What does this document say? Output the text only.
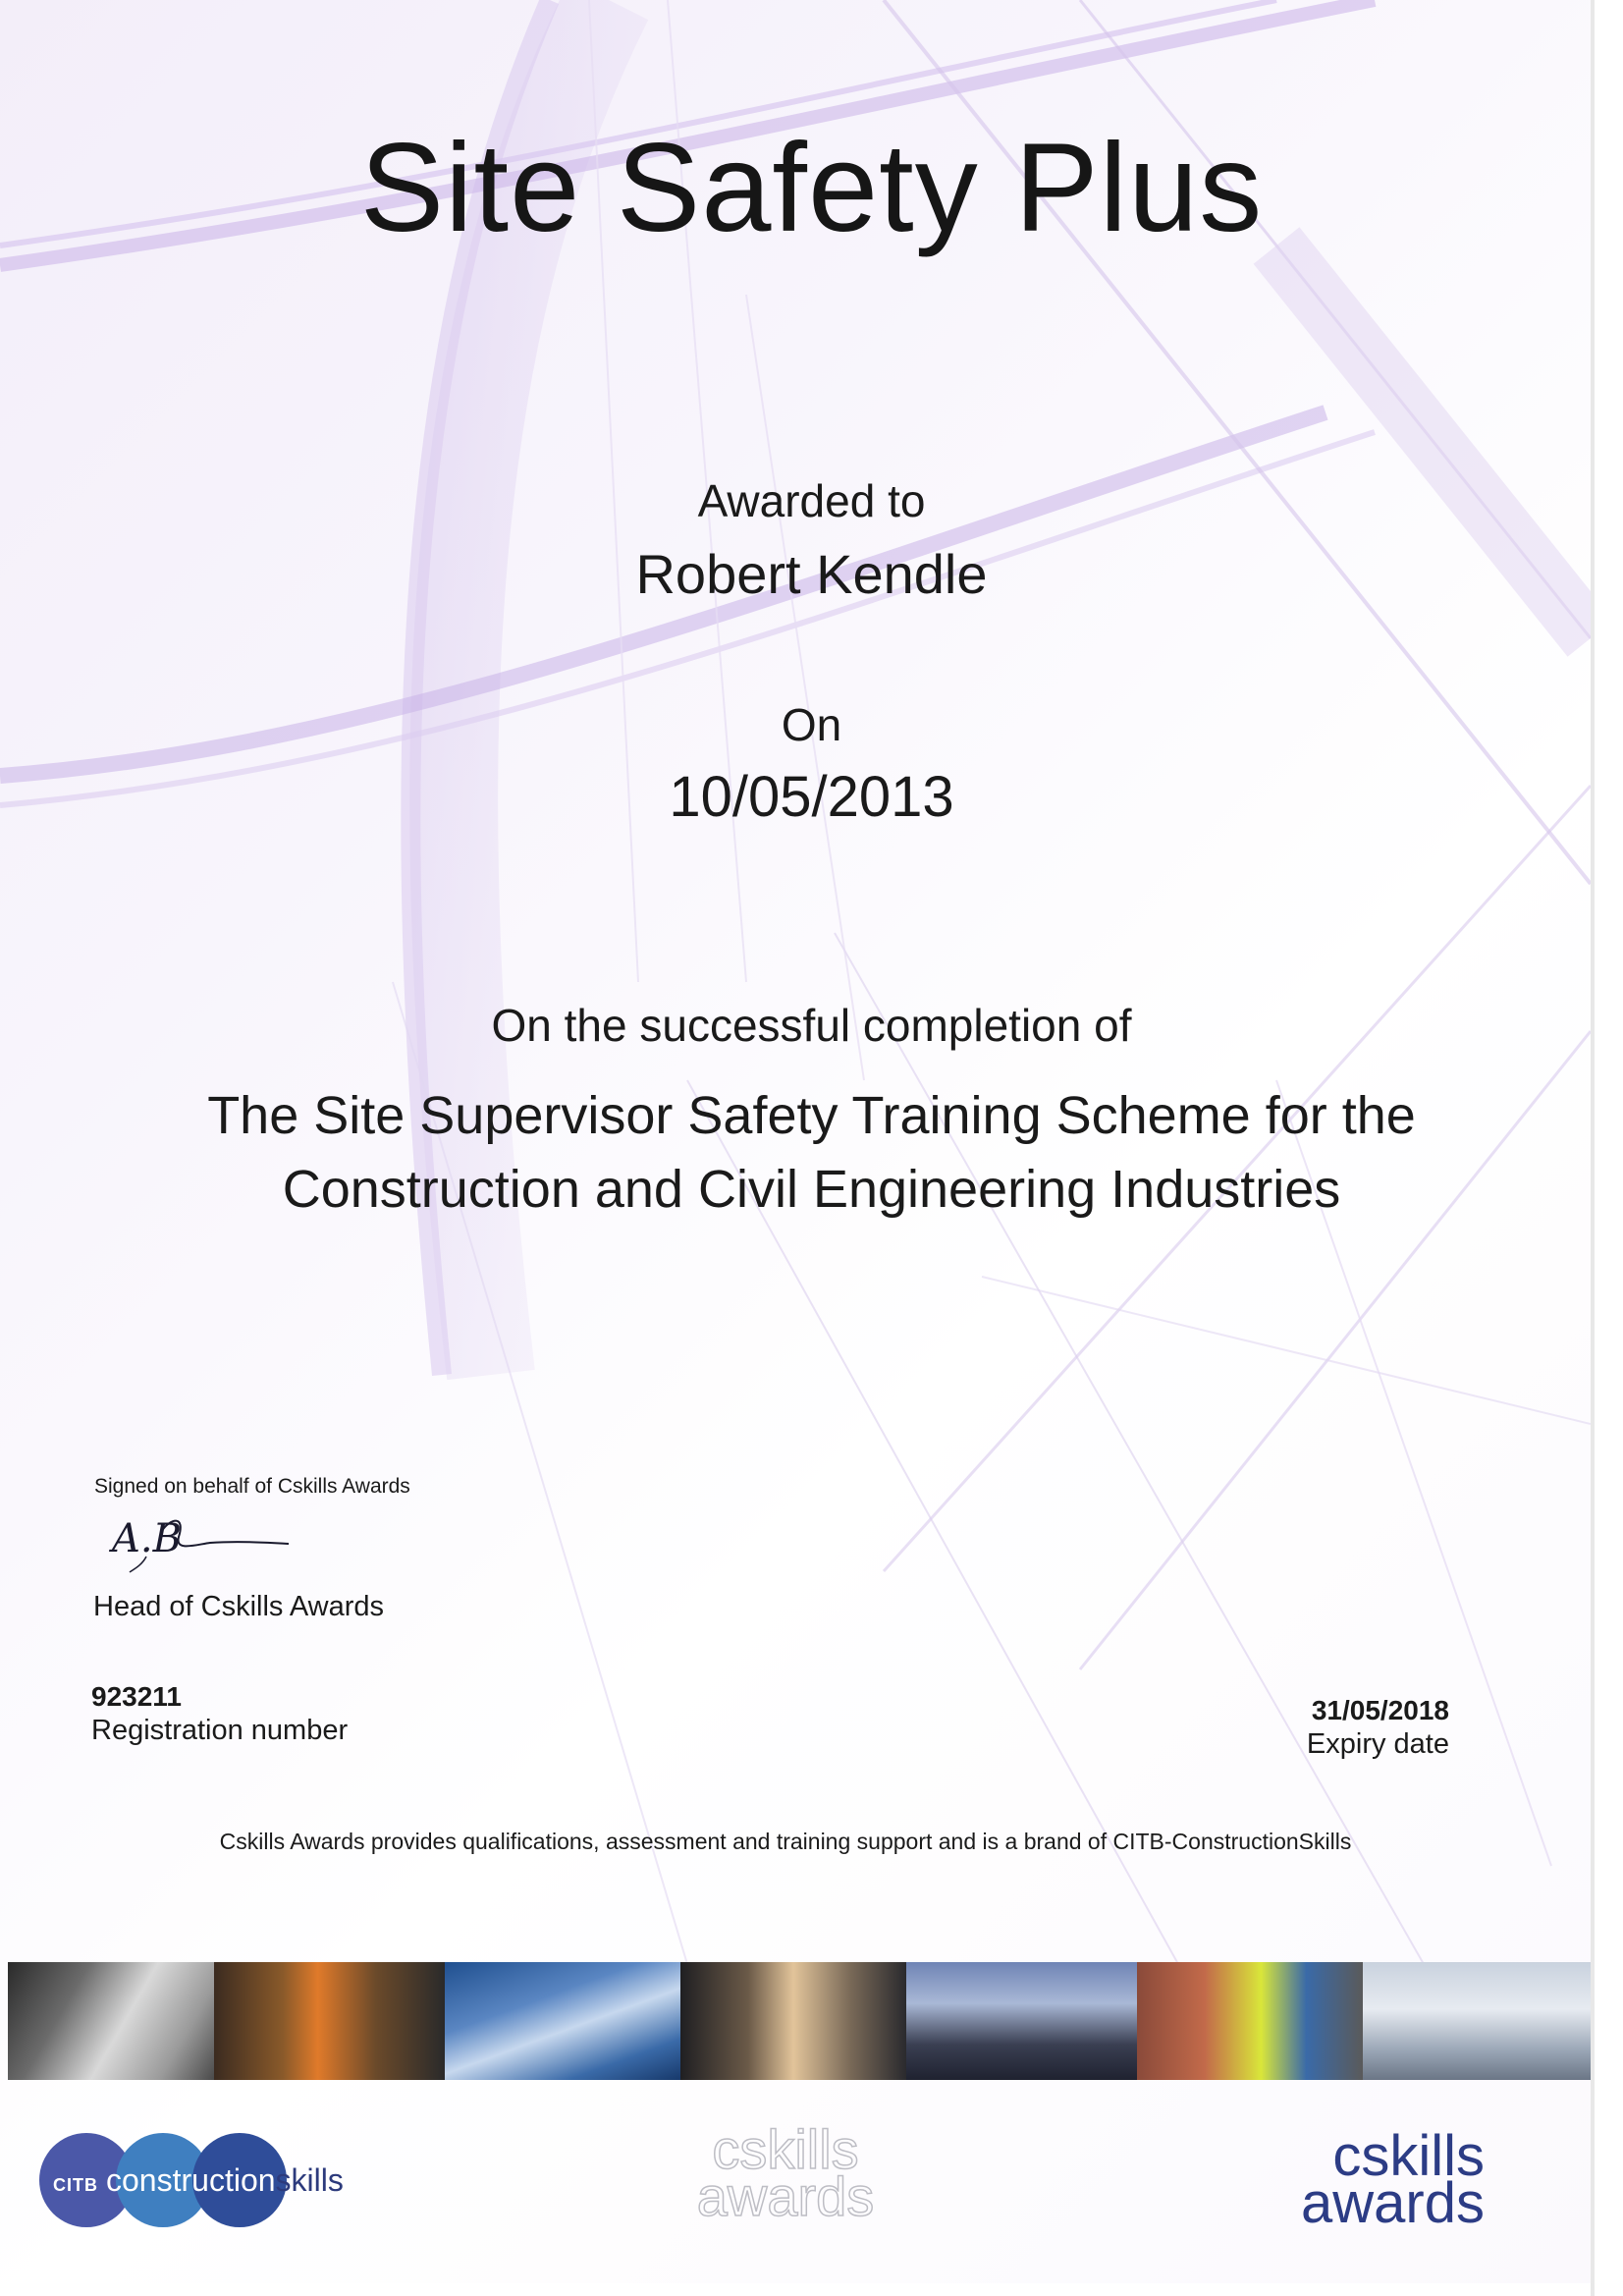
Site Safety Plus
Awarded to
Robert Kendle
On
10/05/2013
On the successful completion of
The Site Supervisor Safety Training Scheme for the
Construction and Civil Engineering Industries
Signed on behalf of Cskills Awards
A.B
Head of Cskills Awards
923211
Registration number
31/05/2018
Expiry date
Cskills Awards provides qualifications, assessment and training support and is a brand of CITB-ConstructionSkills
CITB constructionskills	cskills
awards
cskills
awards
